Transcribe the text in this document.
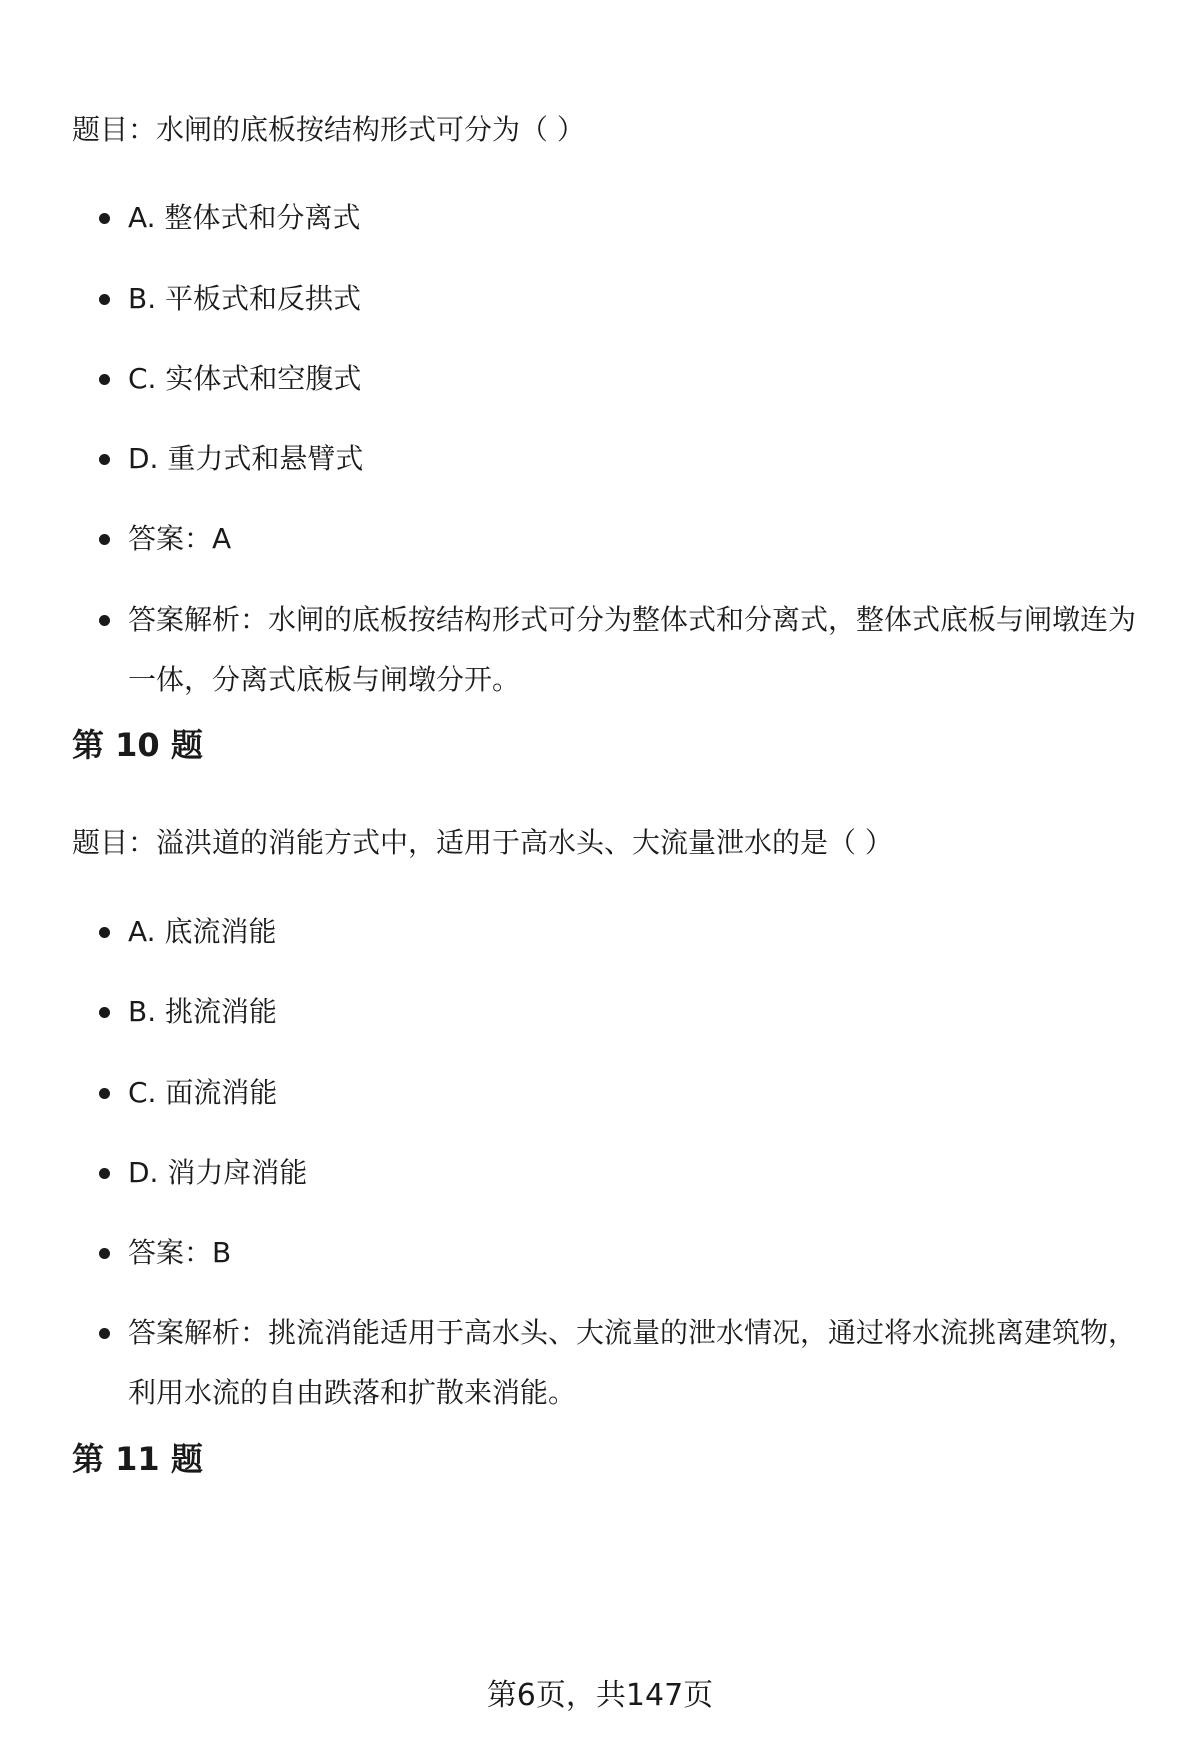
题目：水闸的底板按结构形式可分为（ ）
A. 整体式和分离式
B. 平板式和反拱式
C. 实体式和空腹式
D. 重力式和悬臂式
答案：A
答案解析：水闸的底板按结构形式可分为整体式和分离式，整体式底板与闸墩连为一体，分离式底板与闸墩分开。
第 10 题
题目：溢洪道的消能方式中，适用于高水头、大流量泄水的是（ ）
A. 底流消能
B. 挑流消能
C. 面流消能
D. 消力戽消能
答案：B
答案解析：挑流消能适用于高水头、大流量的泄水情况，通过将水流挑离建筑物，利用水流的自由跌落和扩散来消能。
第 11 题
第6页，共147页
